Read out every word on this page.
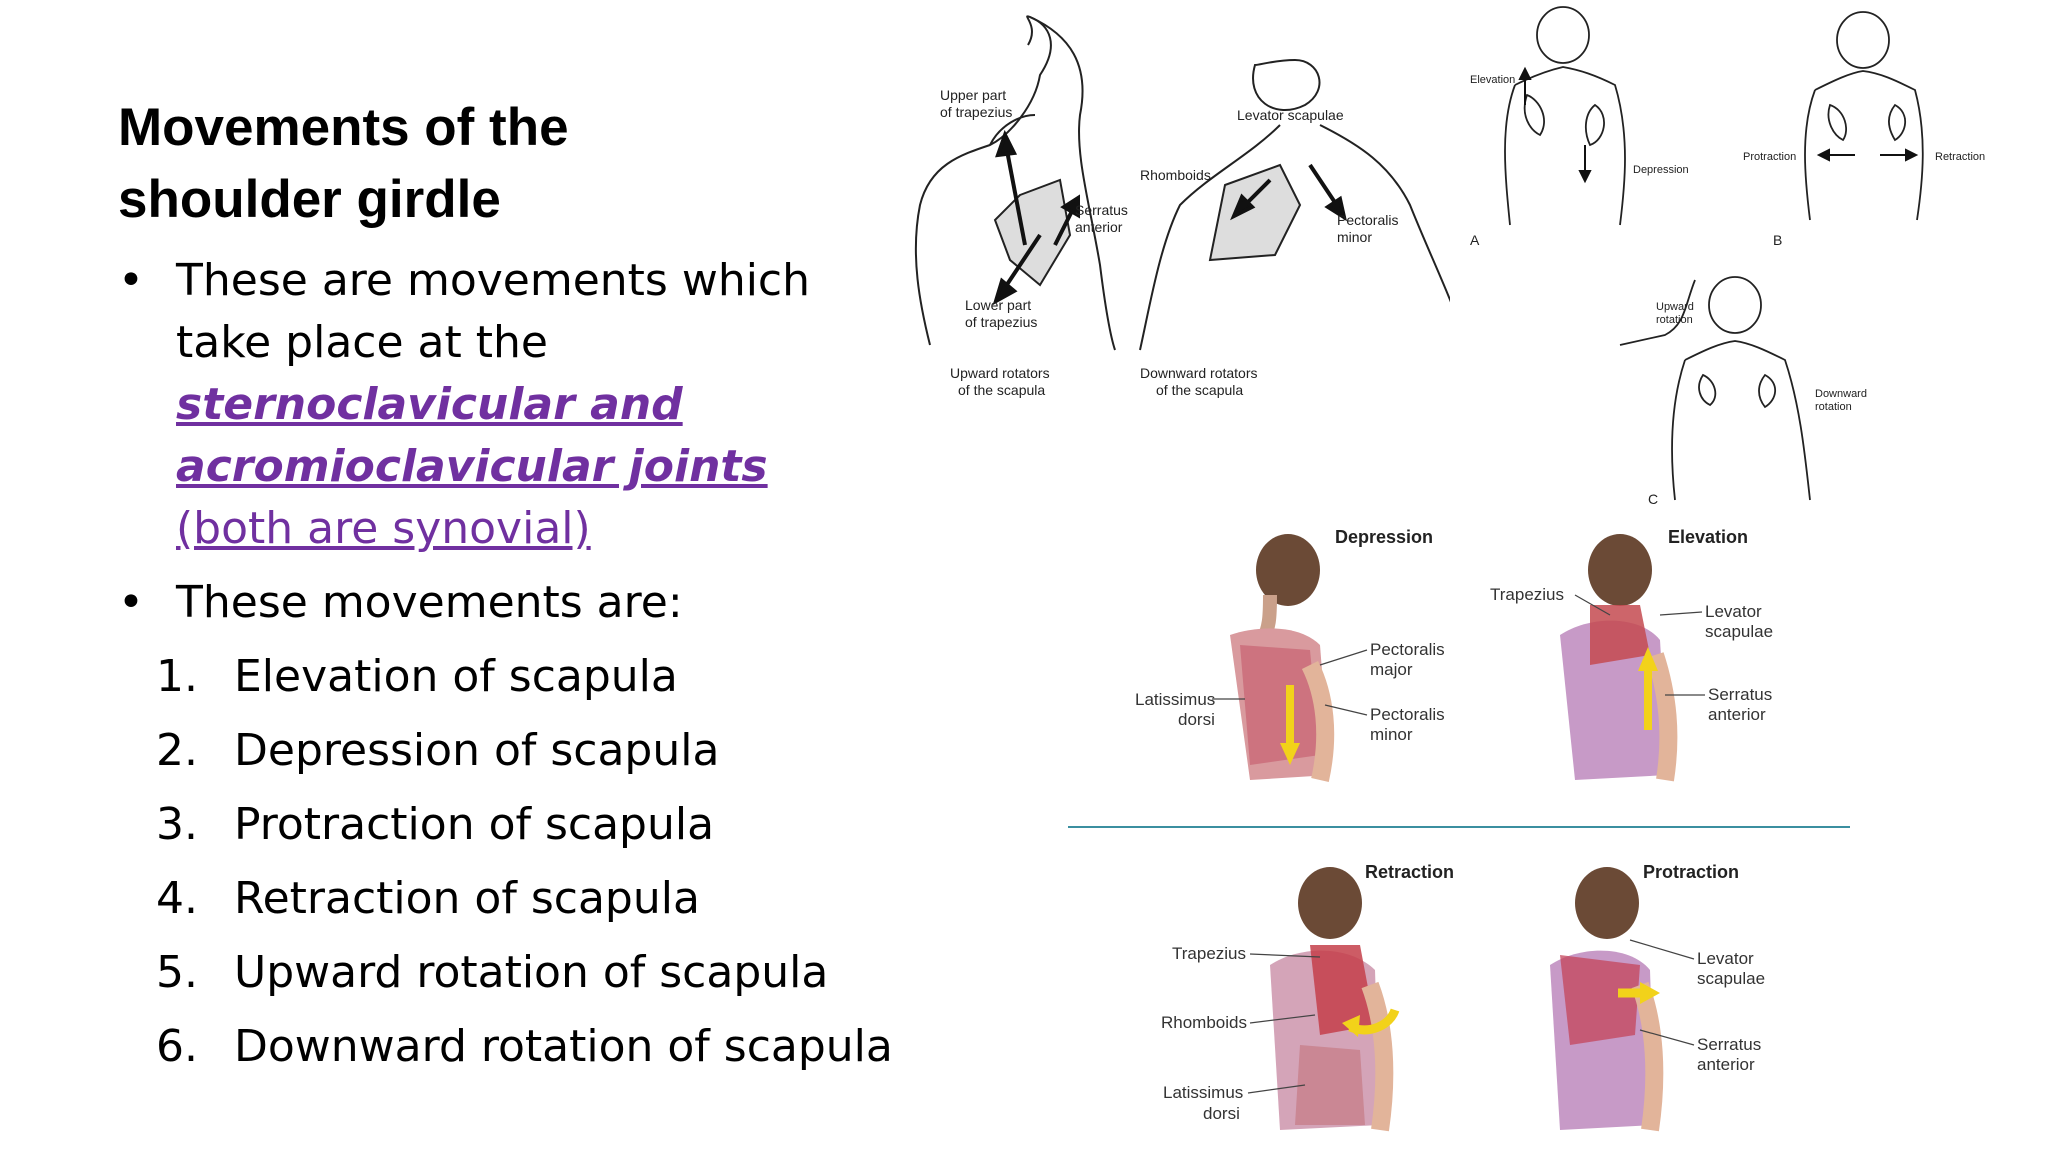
Movements of the
shoulder girdle
• These are movements which take place at the sternoclavicular and acromioclavicular joints (both are synovial)
• These movements are:
1. Elevation of scapula
2. Depression of scapula
3. Protraction of scapula
4. Retraction of scapula
5. Upward rotation of scapula
6. Downward rotation of scapula
Upper part
of trapezius
Serratus
anterior
Lower part
of trapezius
Upward rotators
of the scapula
Levator scapulae
Rhomboids
Pectoralis
minor
Downward rotators
of the scapula
Elevation
Depression
A
Protraction	Retraction
B
Upward
rotation
Downward
rotation
C
Depression	Elevation
Latissimus
dorsi
Pectoralis
major
Pectoralis
minor
Trapezius
Levator
scapulae
Serratus
anterior
Retraction	Protraction
Trapezius
Rhomboids
Latissimus
dorsi
Levator
scapulae
Serratus
anterior
